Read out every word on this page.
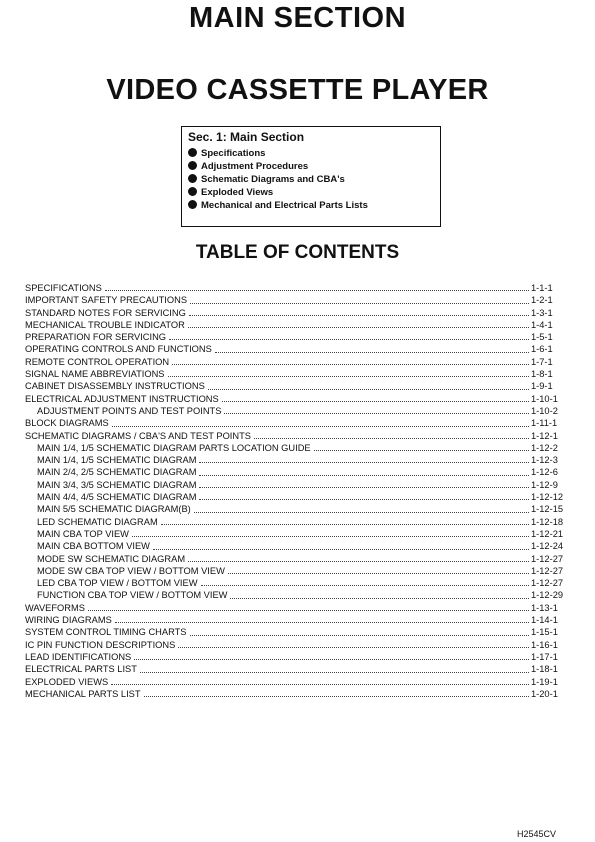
MAIN SECTION
VIDEO CASSETTE PLAYER
Sec. 1: Main Section
Specifications
Adjustment Procedures
Schematic Diagrams and CBA's
Exploded Views
Mechanical and Electrical Parts Lists
TABLE OF CONTENTS
SPECIFICATIONS	1-1-1
IMPORTANT SAFETY PRECAUTIONS	1-2-1
STANDARD NOTES FOR SERVICING	1-3-1
MECHANICAL TROUBLE INDICATOR	1-4-1
PREPARATION FOR SERVICING	1-5-1
OPERATING CONTROLS AND FUNCTIONS	1-6-1
REMOTE CONTROL OPERATION	1-7-1
SIGNAL NAME ABBREVIATIONS	1-8-1
CABINET DISASSEMBLY INSTRUCTIONS	1-9-1
ELECTRICAL ADJUSTMENT INSTRUCTIONS	1-10-1
ADJUSTMENT POINTS AND TEST POINTS	1-10-2
BLOCK DIAGRAMS	1-11-1
SCHEMATIC DIAGRAMS / CBA'S AND TEST POINTS	1-12-1
MAIN 1/4, 1/5 SCHEMATIC DIAGRAM PARTS LOCATION GUIDE	1-12-2
MAIN 1/4, 1/5 SCHEMATIC DIAGRAM	1-12-3
MAIN 2/4, 2/5 SCHEMATIC DIAGRAM	1-12-6
MAIN 3/4, 3/5 SCHEMATIC DIAGRAM	1-12-9
MAIN 4/4, 4/5 SCHEMATIC DIAGRAM	1-12-12
MAIN 5/5 SCHEMATIC DIAGRAM(B)	1-12-15
LED SCHEMATIC DIAGRAM	1-12-18
MAIN CBA TOP VIEW	1-12-21
MAIN CBA BOTTOM VIEW	1-12-24
MODE SW SCHEMATIC DIAGRAM	1-12-27
MODE SW CBA TOP VIEW / BOTTOM VIEW	1-12-27
LED CBA TOP VIEW / BOTTOM VIEW	1-12-27
FUNCTION CBA TOP VIEW / BOTTOM VIEW	1-12-29
WAVEFORMS	1-13-1
WIRING DIAGRAMS	1-14-1
SYSTEM CONTROL TIMING CHARTS	1-15-1
IC PIN FUNCTION DESCRIPTIONS	1-16-1
LEAD IDENTIFICATIONS	1-17-1
ELECTRICAL PARTS LIST	1-18-1
EXPLODED VIEWS	1-19-1
MECHANICAL PARTS LIST	1-20-1
H2545CV
